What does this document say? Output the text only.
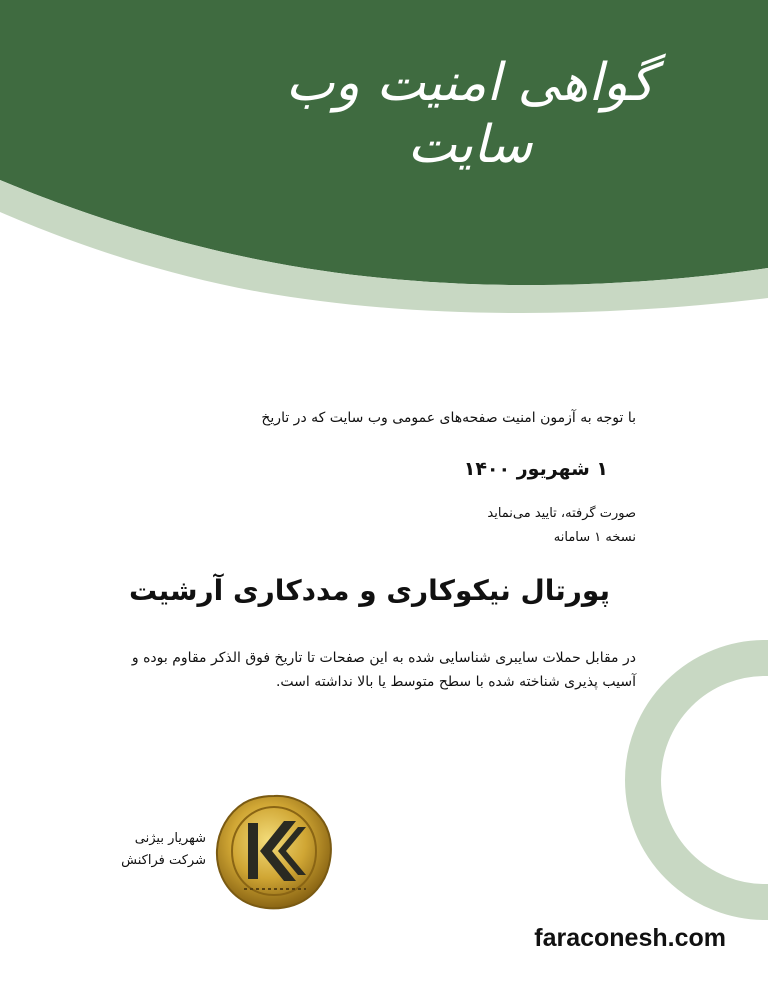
گواهی امنیت وب سایت
با توجه به آزمون امنیت صفحه‌های عمومی وب سایت که در تاریخ
۱ شهریور ۱۴۰۰
صورت گرفته، تایید می‌نماید
نسخه ۱ سامانه
پورتال نیکوکاری و مددکاری آرشیت
در مقابل حملات سایبری شناسایی شده به این صفحات تا تاریخ فوق الذکر مقاوم بوده و آسیب پذیری شناخته شده با سطح متوسط یا بالا نداشته است.
شهریار بیژنی
شرکت فراکنش
faraconesh.com
